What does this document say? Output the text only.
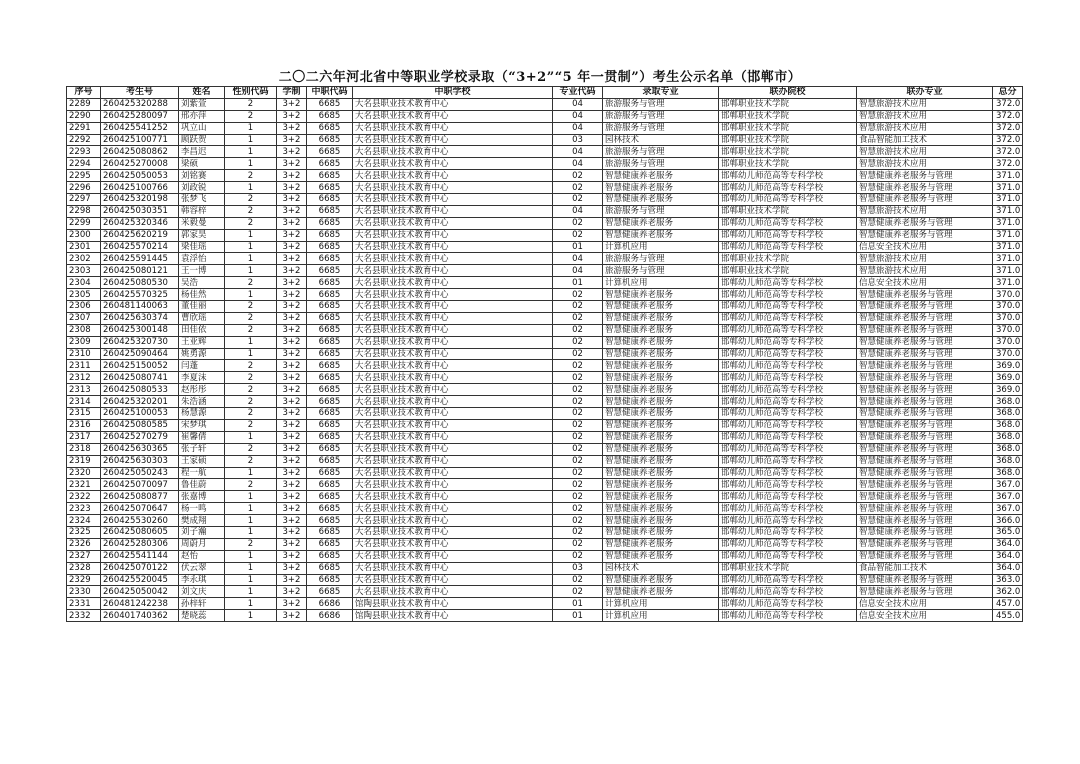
二〇二六年河北省中等职业学校录取（“3+2”“5 年一贯制”）考生公示名单（邯郸市）
序号	考生号	姓名	性别代码	学制	中职代码	中职学校	专业代码	录取专业	联办院校	联办专业	总分
2289	260425320288	刘紫萱	2	3+2	6685	大名县职业技术教育中心	04	旅游服务与管理	邯郸职业技术学院	智慧旅游技术应用	372.0
2290	260425280097	邢亦萍	2	3+2	6685	大名县职业技术教育中心	04	旅游服务与管理	邯郸职业技术学院	智慧旅游技术应用	372.0
2291	260425541252	巩立山	1	3+2	6685	大名县职业技术教育中心	04	旅游服务与管理	邯郸职业技术学院	智慧旅游技术应用	372.0
2292	260425100771	顾跃贺	1	3+2	6685	大名县职业技术教育中心	03	园林技术	邯郸职业技术学院	食品智能加工技术	372.0
2293	260425080862	李昌迟	1	3+2	6685	大名县职业技术教育中心	04	旅游服务与管理	邯郸职业技术学院	智慧旅游技术应用	372.0
2294	260425270008	梁硕	1	3+2	6685	大名县职业技术教育中心	04	旅游服务与管理	邯郸职业技术学院	智慧旅游技术应用	372.0
2295	260425050053	刘铭赛	2	3+2	6685	大名县职业技术教育中心	02	智慧健康养老服务	邯郸幼儿师范高等专科学校	智慧健康养老服务与管理	371.0
2296	260425100766	刘政锐	1	3+2	6685	大名县职业技术教育中心	02	智慧健康养老服务	邯郸幼儿师范高等专科学校	智慧健康养老服务与管理	371.0
2297	260425320198	张梦飞	2	3+2	6685	大名县职业技术教育中心	02	智慧健康养老服务	邯郸幼儿师范高等专科学校	智慧健康养老服务与管理	371.0
2298	260425030351	韩容梓	2	3+2	6685	大名县职业技术教育中心	04	旅游服务与管理	邯郸职业技术学院	智慧旅游技术应用	371.0
2299	260425320346	米毅曼	2	3+2	6685	大名县职业技术教育中心	02	智慧健康养老服务	邯郸幼儿师范高等专科学校	智慧健康养老服务与管理	371.0
2300	260425620219	郭家昊	1	3+2	6685	大名县职业技术教育中心	02	智慧健康养老服务	邯郸幼儿师范高等专科学校	智慧健康养老服务与管理	371.0
2301	260425570214	梁佳瑶	1	3+2	6685	大名县职业技术教育中心	01	计算机应用	邯郸幼儿师范高等专科学校	信息安全技术应用	371.0
2302	260425591445	袁浮怡	1	3+2	6685	大名县职业技术教育中心	04	旅游服务与管理	邯郸职业技术学院	智慧旅游技术应用	371.0
2303	260425080121	王一博	1	3+2	6685	大名县职业技术教育中心	04	旅游服务与管理	邯郸职业技术学院	智慧旅游技术应用	371.0
2304	260425080530	吴浩	2	3+2	6685	大名县职业技术教育中心	01	计算机应用	邯郸幼儿师范高等专科学校	信息安全技术应用	371.0
2305	260425570325	杨佳然	1	3+2	6685	大名县职业技术教育中心	02	智慧健康养老服务	邯郸幼儿师范高等专科学校	智慧健康养老服务与管理	370.0
2306	260481140063	董佳丽	2	3+2	6685	大名县职业技术教育中心	02	智慧健康养老服务	邯郸幼儿师范高等专科学校	智慧健康养老服务与管理	370.0
2307	260425630374	曹欣瑶	2	3+2	6685	大名县职业技术教育中心	02	智慧健康养老服务	邯郸幼儿师范高等专科学校	智慧健康养老服务与管理	370.0
2308	260425300148	田佳依	2	3+2	6685	大名县职业技术教育中心	02	智慧健康养老服务	邯郸幼儿师范高等专科学校	智慧健康养老服务与管理	370.0
2309	260425320730	王亚辉	1	3+2	6685	大名县职业技术教育中心	02	智慧健康养老服务	邯郸幼儿师范高等专科学校	智慧健康养老服务与管理	370.0
2310	260425090464	姚勇源	1	3+2	6685	大名县职业技术教育中心	02	智慧健康养老服务	邯郸幼儿师范高等专科学校	智慧健康养老服务与管理	370.0
2311	260425150052	闫蓬	2	3+2	6685	大名县职业技术教育中心	02	智慧健康养老服务	邯郸幼儿师范高等专科学校	智慧健康养老服务与管理	369.0
2312	260425080741	李夏沫	2	3+2	6685	大名县职业技术教育中心	02	智慧健康养老服务	邯郸幼儿师范高等专科学校	智慧健康养老服务与管理	369.0
2313	260425080533	赵彤彤	2	3+2	6685	大名县职业技术教育中心	02	智慧健康养老服务	邯郸幼儿师范高等专科学校	智慧健康养老服务与管理	369.0
2314	260425320201	朱浩涵	2	3+2	6685	大名县职业技术教育中心	02	智慧健康养老服务	邯郸幼儿师范高等专科学校	智慧健康养老服务与管理	368.0
2315	260425100053	杨慧源	2	3+2	6685	大名县职业技术教育中心	02	智慧健康养老服务	邯郸幼儿师范高等专科学校	智慧健康养老服务与管理	368.0
2316	260425080585	宋梦琪	2	3+2	6685	大名县职业技术教育中心	02	智慧健康养老服务	邯郸幼儿师范高等专科学校	智慧健康养老服务与管理	368.0
2317	260425270279	崔馨倩	1	3+2	6685	大名县职业技术教育中心	02	智慧健康养老服务	邯郸幼儿师范高等专科学校	智慧健康养老服务与管理	368.0
2318	260425630365	张子轩	2	3+2	6685	大名县职业技术教育中心	02	智慧健康养老服务	邯郸幼儿师范高等专科学校	智慧健康养老服务与管理	368.0
2319	260425630303	王家硕	2	3+2	6685	大名县职业技术教育中心	02	智慧健康养老服务	邯郸幼儿师范高等专科学校	智慧健康养老服务与管理	368.0
2320	260425050243	程一航	1	3+2	6685	大名县职业技术教育中心	02	智慧健康养老服务	邯郸幼儿师范高等专科学校	智慧健康养老服务与管理	368.0
2321	260425070097	鲁佳蔚	2	3+2	6685	大名县职业技术教育中心	02	智慧健康养老服务	邯郸幼儿师范高等专科学校	智慧健康养老服务与管理	367.0
2322	260425080877	张嘉博	1	3+2	6685	大名县职业技术教育中心	02	智慧健康养老服务	邯郸幼儿师范高等专科学校	智慧健康养老服务与管理	367.0
2323	260425070647	杨一鸣	1	3+2	6685	大名县职业技术教育中心	02	智慧健康养老服务	邯郸幼儿师范高等专科学校	智慧健康养老服务与管理	367.0
2324	260425530260	樊成翔	1	3+2	6685	大名县职业技术教育中心	02	智慧健康养老服务	邯郸幼儿师范高等专科学校	智慧健康养老服务与管理	366.0
2325	260425080605	刘子瀚	1	3+2	6685	大名县职业技术教育中心	02	智慧健康养老服务	邯郸幼儿师范高等专科学校	智慧健康养老服务与管理	365.0
2326	260425280306	周蔚月	2	3+2	6685	大名县职业技术教育中心	02	智慧健康养老服务	邯郸幼儿师范高等专科学校	智慧健康养老服务与管理	364.0
2327	260425541144	赵怡	1	3+2	6685	大名县职业技术教育中心	02	智慧健康养老服务	邯郸幼儿师范高等专科学校	智慧健康养老服务与管理	364.0
2328	260425070122	伏云翠	1	3+2	6685	大名县职业技术教育中心	03	园林技术	邯郸职业技术学院	食品智能加工技术	364.0
2329	260425520045	李永琪	1	3+2	6685	大名县职业技术教育中心	02	智慧健康养老服务	邯郸幼儿师范高等专科学校	智慧健康养老服务与管理	363.0
2330	260425050042	刘文庆	1	3+2	6685	大名县职业技术教育中心	02	智慧健康养老服务	邯郸幼儿师范高等专科学校	智慧健康养老服务与管理	362.0
2331	260481242238	孙梓轩	1	3+2	6686	馆陶县职业技术教育中心	01	计算机应用	邯郸幼儿师范高等专科学校	信息安全技术应用	457.0
2332	260401740362	楚晓蕊	1	3+2	6686	馆陶县职业技术教育中心	01	计算机应用	邯郸幼儿师范高等专科学校	信息安全技术应用	455.0
